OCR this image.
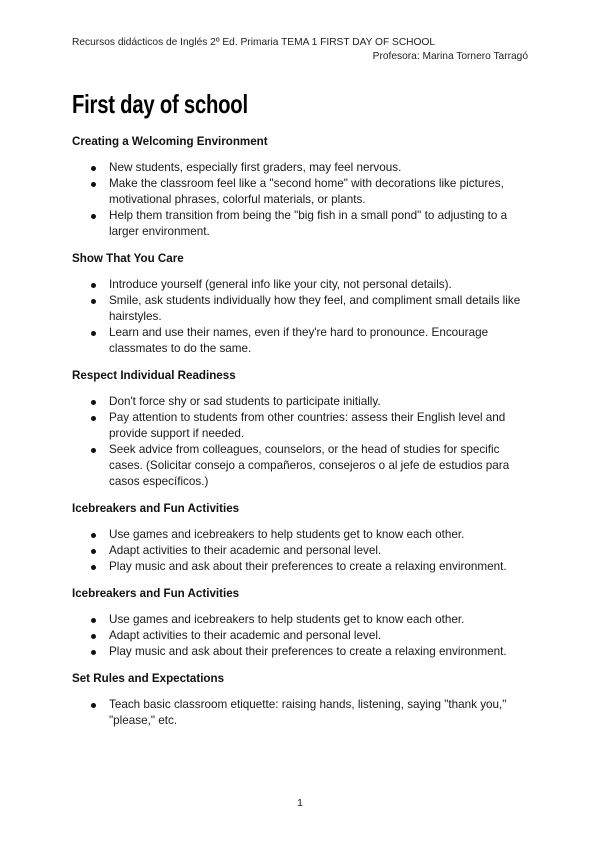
Recursos didácticos de Inglés 2º Ed. Primaria TEMA 1 FIRST DAY OF SCHOOL
Profesora: Marina Tornero Tarragó
First day of school
Creating a Welcoming Environment
New students, especially first graders, may feel nervous.
Make the classroom feel like a "second home" with decorations like pictures, motivational phrases, colorful materials, or plants.
Help them transition from being the "big fish in a small pond" to adjusting to a larger environment.
Show That You Care
Introduce yourself (general info like your city, not personal details).
Smile, ask students individually how they feel, and compliment small details like hairstyles.
Learn and use their names, even if they're hard to pronounce. Encourage classmates to do the same.
Respect Individual Readiness
Don't force shy or sad students to participate initially.
Pay attention to students from other countries: assess their English level and provide support if needed.
Seek advice from colleagues, counselors, or the head of studies for specific cases. (Solicitar consejo a compañeros, consejeros o al jefe de estudios para casos específicos.)
Icebreakers and Fun Activities
Use games and icebreakers to help students get to know each other.
Adapt activities to their academic and personal level.
Play music and ask about their preferences to create a relaxing environment.
Icebreakers and Fun Activities
Use games and icebreakers to help students get to know each other.
Adapt activities to their academic and personal level.
Play music and ask about their preferences to create a relaxing environment.
Set Rules and Expectations
Teach basic classroom etiquette: raising hands, listening, saying "thank you," "please," etc.
1
